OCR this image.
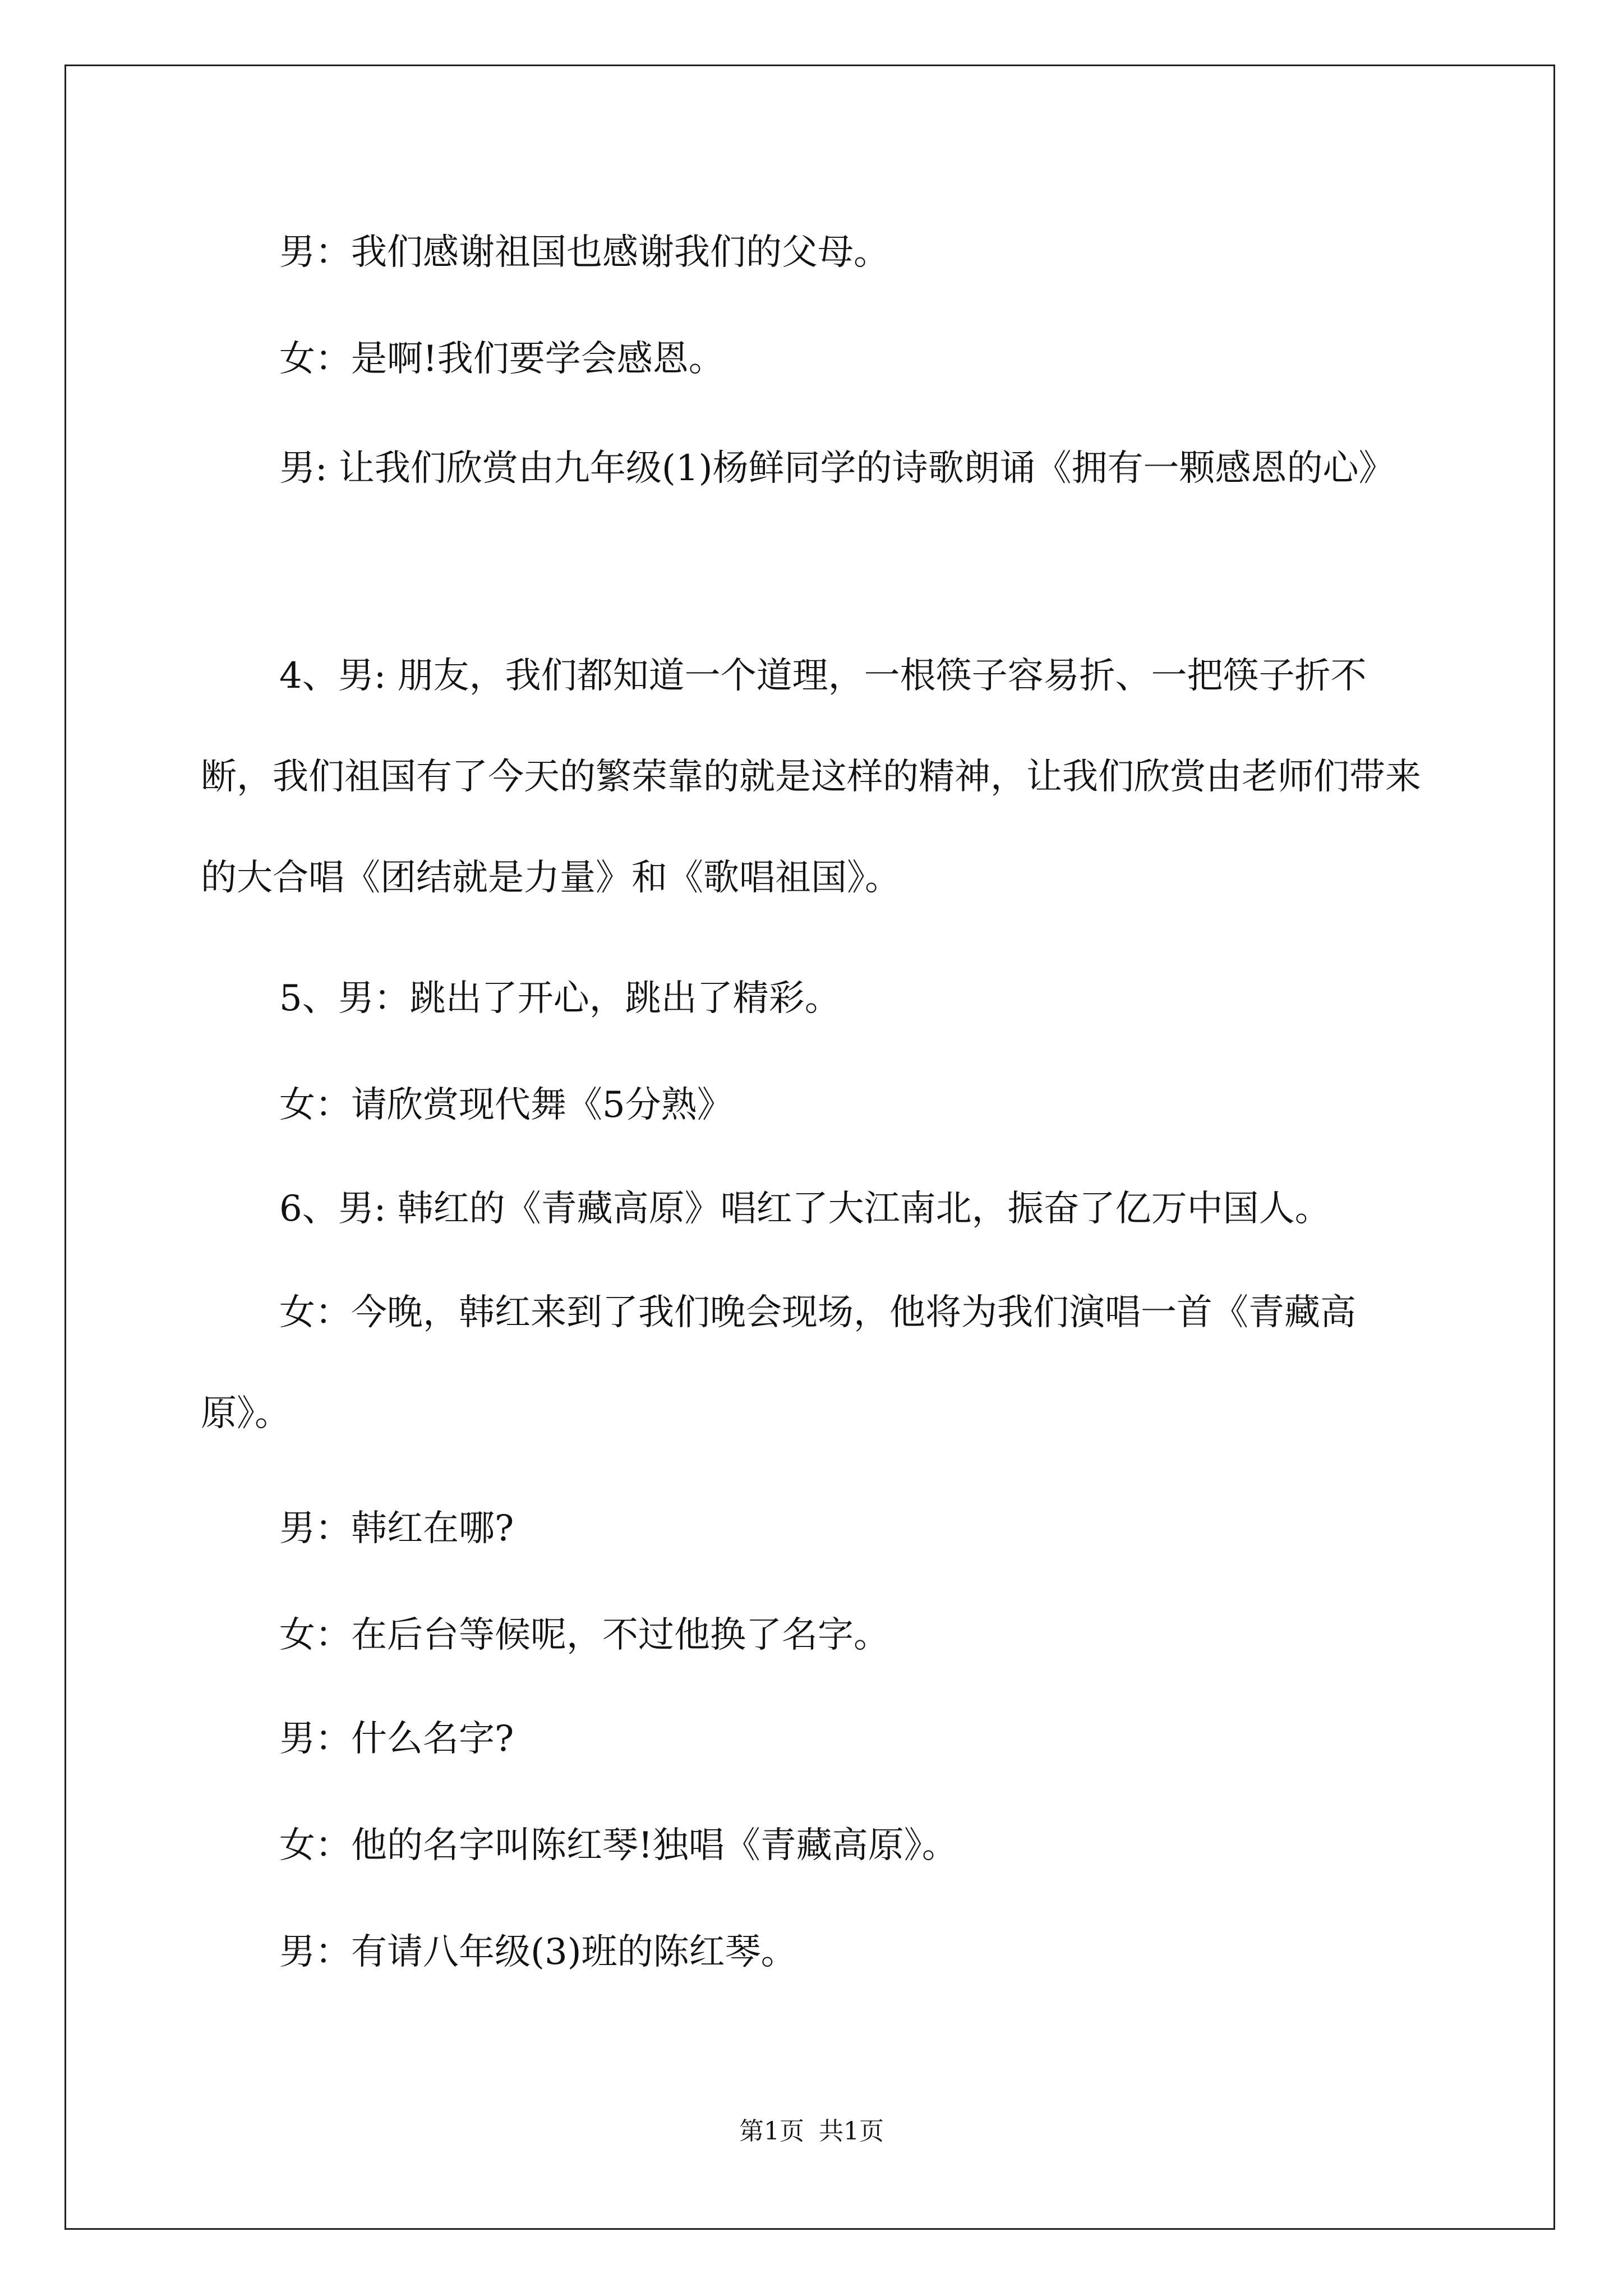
男：我们感谢祖国也感谢我们的父母。
女：是啊!我们要学会感恩。
男: 让我们欣赏由九年级(1)杨鲜同学的诗歌朗诵《拥有一颗感恩的心》
4、男: 朋友，我们都知道一个道理，一根筷子容易折、一把筷子折不断，我们祖国有了今天的繁荣靠的就是这样的精神，让我们欣赏由老师们带来的大合唱《团结就是力量》和《歌唱祖国》。
5、男：跳出了开心，跳出了精彩。
女：请欣赏现代舞《5分熟》
6、男: 韩红的《青藏高原》唱红了大江南北，振奋了亿万中国人。
女：今晚，韩红来到了我们晚会现场，他将为我们演唱一首《青藏高原》。
男：韩红在哪?
女：在后台等候呢，不过他换了名字。
男：什么名字?
女：他的名字叫陈红琴!独唱《青藏高原》。
男：有请八年级(3)班的陈红琴。
第1页 共1页
